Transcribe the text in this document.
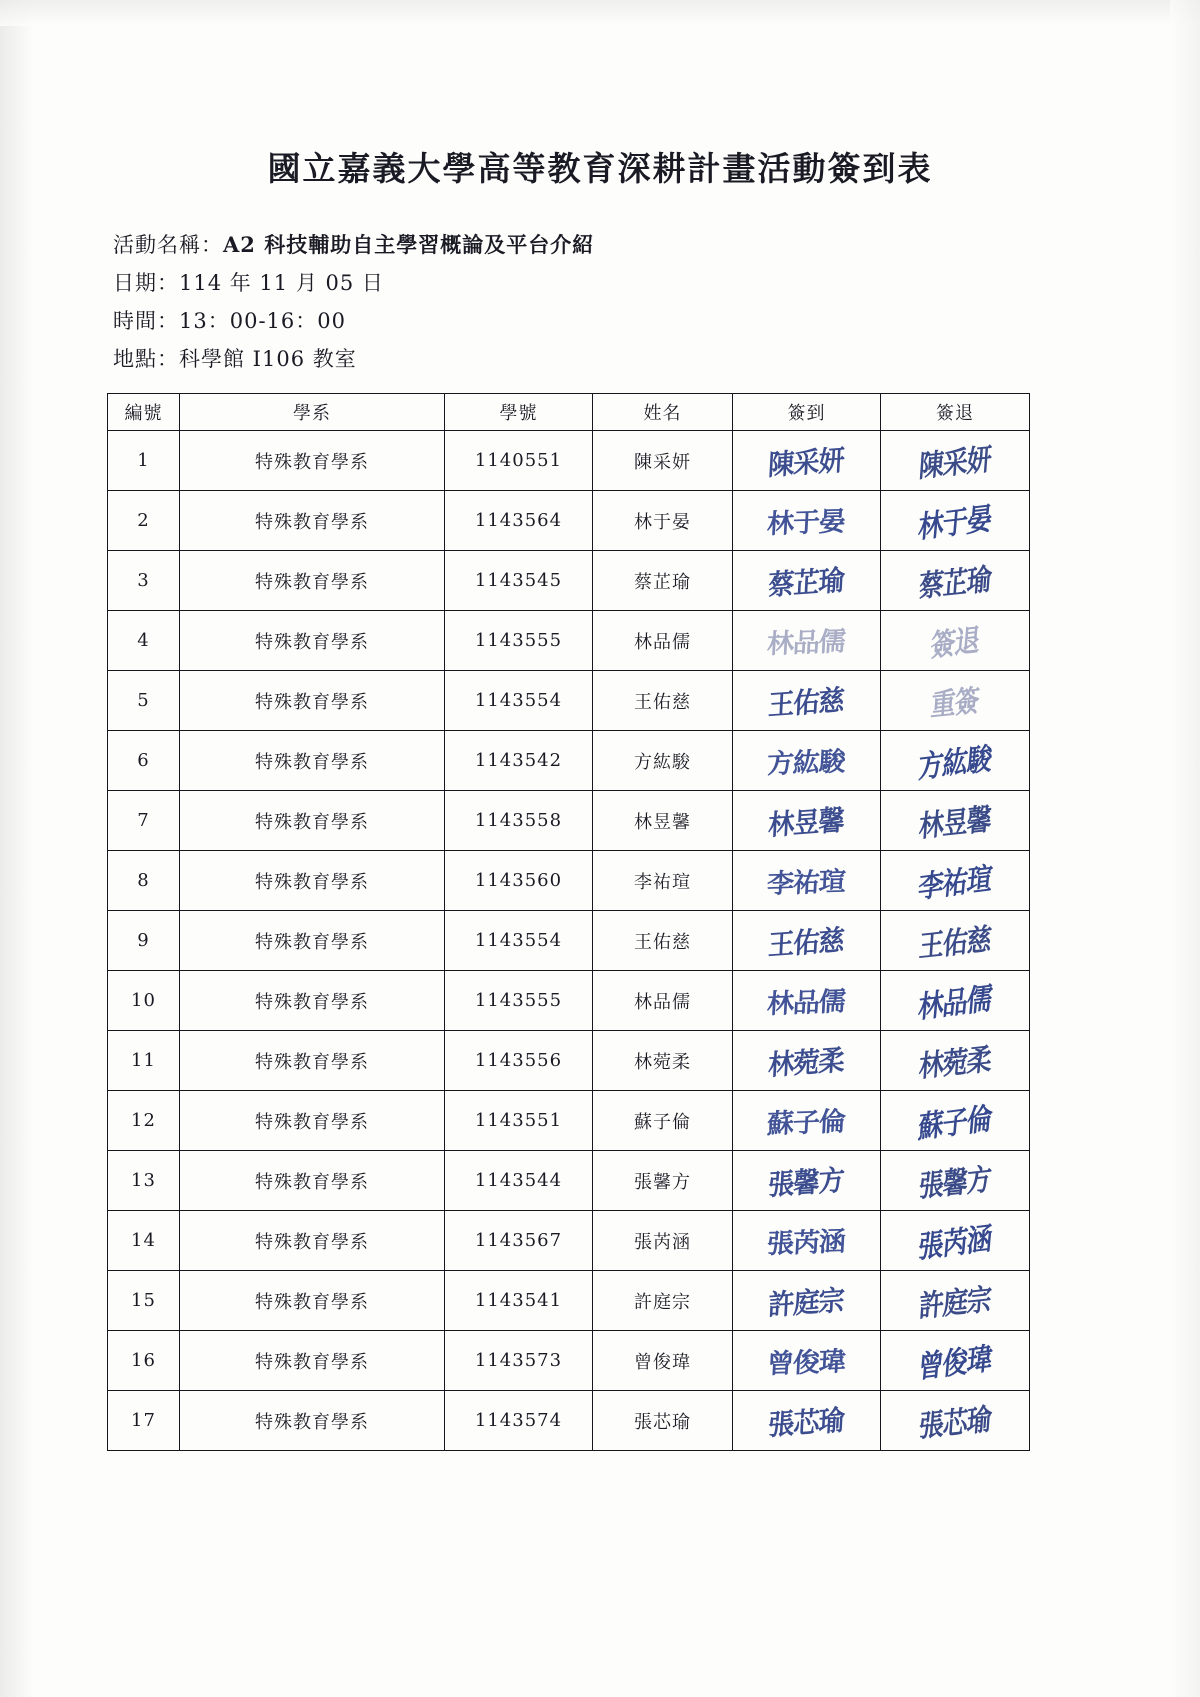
國立嘉義大學高等教育深耕計畫活動簽到表
活動名稱：A2 科技輔助自主學習概論及平台介紹
日期：114 年 11 月 05 日
時間：13：00-16：00
地點：科學館 I106 教室
編號	學系	學號	姓名	簽到	簽退
1	特殊教育學系	1140551	陳采妍	陳采妍	陳采妍
2	特殊教育學系	1143564	林于晏	林于晏	林于晏
3	特殊教育學系	1143545	蔡芷瑜	蔡芷瑜	蔡芷瑜
4	特殊教育學系	1143555	林品儒	林品儒	簽退
5	特殊教育學系	1143554	王佑慈	王佑慈	重簽
6	特殊教育學系	1143542	方紘駿	方紘駿	方紘駿
7	特殊教育學系	1143558	林昱馨	林昱馨	林昱馨
8	特殊教育學系	1143560	李祐瑄	李祐瑄	李祐瑄
9	特殊教育學系	1143554	王佑慈	王佑慈	王佑慈
10	特殊教育學系	1143555	林品儒	林品儒	林品儒
11	特殊教育學系	1143556	林菀柔	林菀柔	林菀柔
12	特殊教育學系	1143551	蘇子倫	蘇子倫	蘇子倫
13	特殊教育學系	1143544	張馨方	張馨方	張馨方
14	特殊教育學系	1143567	張芮涵	張芮涵	張芮涵
15	特殊教育學系	1143541	許庭宗	許庭宗	許庭宗
16	特殊教育學系	1143573	曾俊瑋	曾俊瑋	曾俊瑋
17	特殊教育學系	1143574	張芯瑜	張芯瑜	張芯瑜
